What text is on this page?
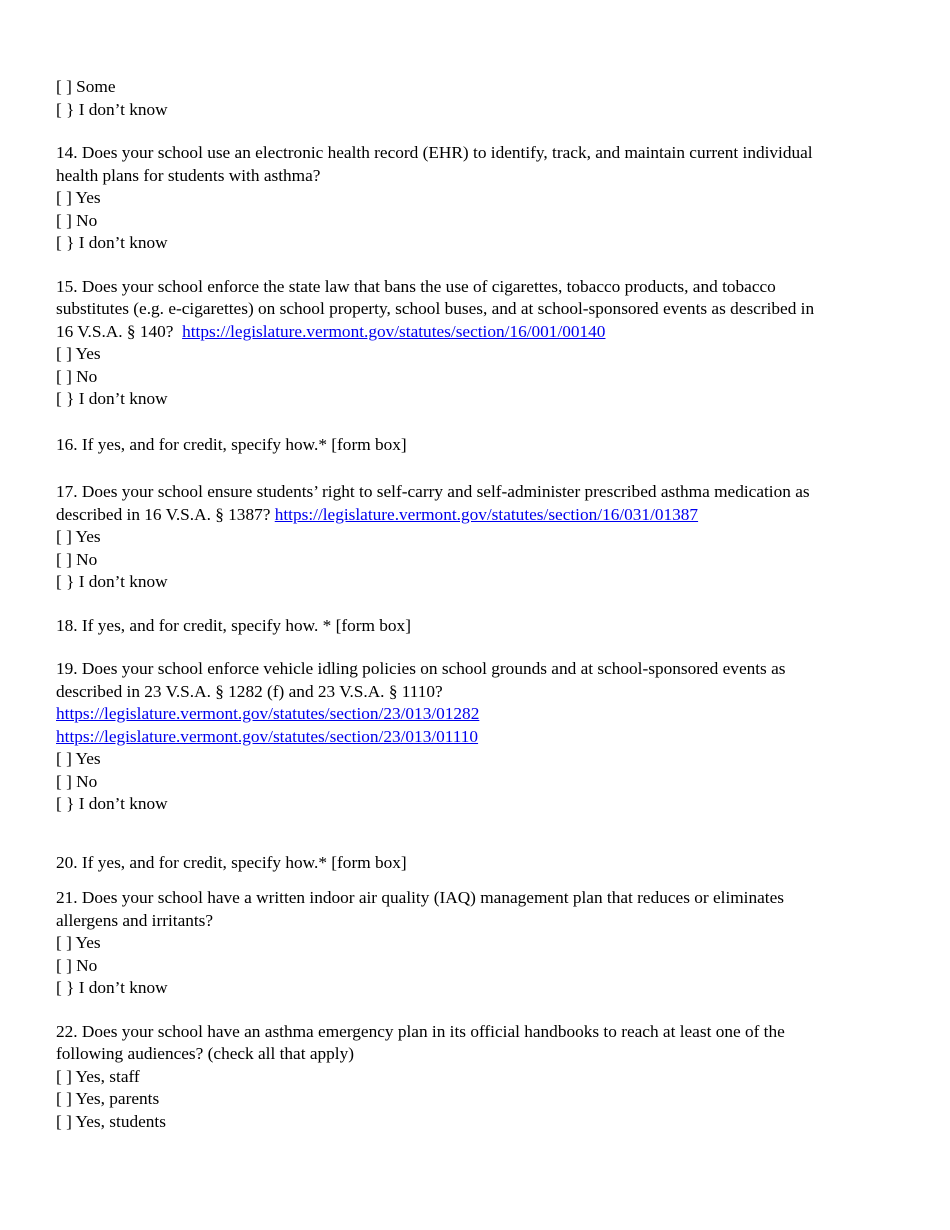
[ ] Some
[ } I don’t know
14. Does your school use an electronic health record (EHR) to identify, track, and maintain current individual
health plans for students with asthma?
[ ] Yes
[ ] No
[ } I don’t know
15. Does your school enforce the state law that bans the use of cigarettes, tobacco products, and tobacco
substitutes (e.g. e-cigarettes) on school property, school buses, and at school-sponsored events as described in
16 V.S.A. § 140?  https://legislature.vermont.gov/statutes/section/16/001/00140
[ ] Yes
[ ] No
[ } I don’t know
16. If yes, and for credit, specify how.* [form box]
17. Does your school ensure students’ right to self-carry and self-administer prescribed asthma medication as
described in 16 V.S.A. § 1387? https://legislature.vermont.gov/statutes/section/16/031/01387
[ ] Yes
[ ] No
[ } I don’t know
18. If yes, and for credit, specify how. * [form box]
19. Does your school enforce vehicle idling policies on school grounds and at school-sponsored events as
described in 23 V.S.A. § 1282 (f) and 23 V.S.A. § 1110?
https://legislature.vermont.gov/statutes/section/23/013/01282
https://legislature.vermont.gov/statutes/section/23/013/01110
[ ] Yes
[ ] No
[ } I don’t know
20. If yes, and for credit, specify how.* [form box]
21. Does your school have a written indoor air quality (IAQ) management plan that reduces or eliminates
allergens and irritants?
[ ] Yes
[ ] No
[ } I don’t know
22. Does your school have an asthma emergency plan in its official handbooks to reach at least one of the
following audiences? (check all that apply)
[ ] Yes, staff
[ ] Yes, parents
[ ] Yes, students
